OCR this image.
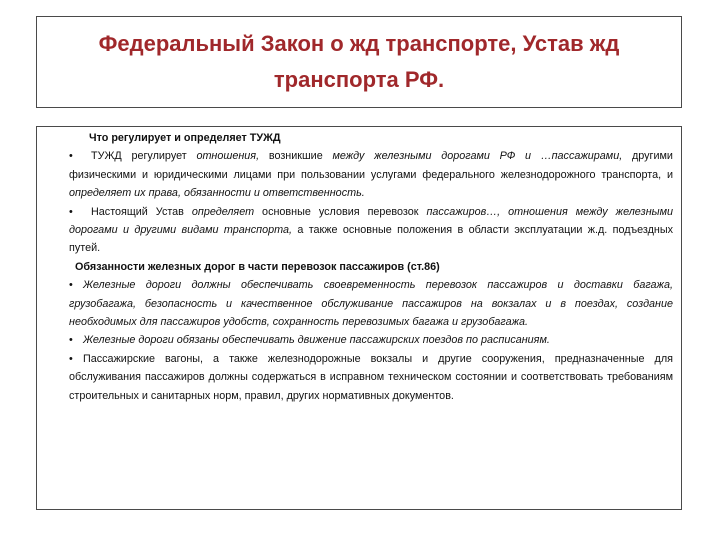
Федеральный Закон о жд транспорте, Устав жд транспорта РФ.

Что регулирует и определяет ТУЖД

• ТУЖД регулирует отношения, возникшие между железными дорогами РФ и …пассажирами, другими физическими и юридическими лицами при пользовании услугами федерального железнодорожного транспорта, и определяет их права, обязанности и ответственность.

• Настоящий Устав определяет основные условия перевозок пассажиров…, отношения между железными дорогами и другими видами транспорта, а также основные положения в области эксплуатации ж.д. подъездных путей.

Обязанности железных дорог в части перевозок пассажиров (ст.86)

• Железные дороги должны обеспечивать своевременность перевозок пассажиров и доставки багажа, грузобагажа, безопасность и качественное обслуживание пассажиров на вокзалах и в поездах, создание необходимых для пассажиров удобств, сохранность перевозимых багажа и грузобагажа.

• Железные дороги обязаны обеспечивать движение пассажирских поездов по расписаниям.

• Пассажирские вагоны, а также железнодорожные вокзалы и другие сооружения, предназначенные для обслуживания пассажиров должны содержаться в исправном техническом состоянии и соответствовать требованиям строительных и санитарных норм, правил, других нормативных документов.
